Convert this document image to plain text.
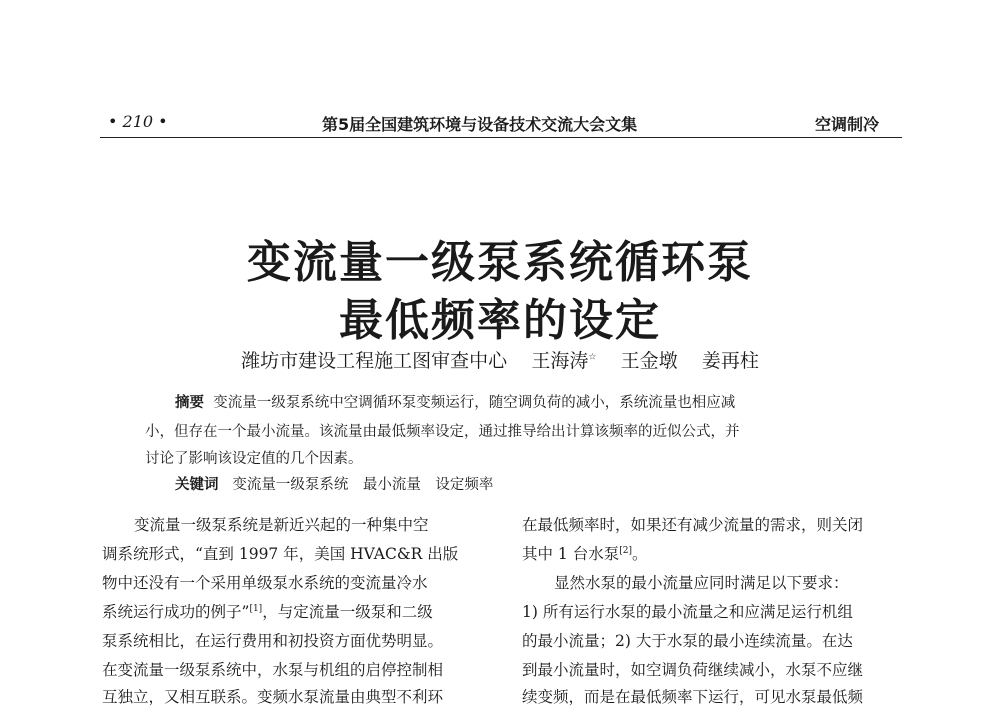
• 210 •	第5届全国建筑环境与设备技术交流大会文集	空调制冷
变流量一级泵系统循环泵
最低频率的设定
潍坊市建设工程施工图审查中心 王海涛☆ 王金墩 姜再柱
摘要 变流量一级泵系统中空调循环泵变频运行，随空调负荷的减小，系统流量也相应减
小，但存在一个最小流量。该流量由最低频率设定，通过推导给出计算该频率的近似公式，并
讨论了影响该设定值的几个因素。
关键词 变流量一级泵系统　最小流量　设定频率
变流量一级泵系统是新近兴起的一种集中空
调系统形式，“直到 1997 年，美国 HVAC&R 出版
物中还没有一个采用单级泵水系统的变流量冷水
系统运行成功的例子”[1]，与定流量一级泵和二级
泵系统相比，在运行费用和初投资方面优势明显。
在变流量一级泵系统中，水泵与机组的启停控制相
互独立，又相互联系。变频水泵流量由典型不利环
在最低频率时，如果还有减少流量的需求，则关闭
其中 1 台水泵[2]。
显然水泵的最小流量应同时满足以下要求：
1) 所有运行水泵的最小流量之和应满足运行机组
的最小流量；2) 大于水泵的最小连续流量。在达
到最小流量时，如空调负荷继续减小，水泵不应继
续变频，而是在最低频率下运行，可见水泵最低频
